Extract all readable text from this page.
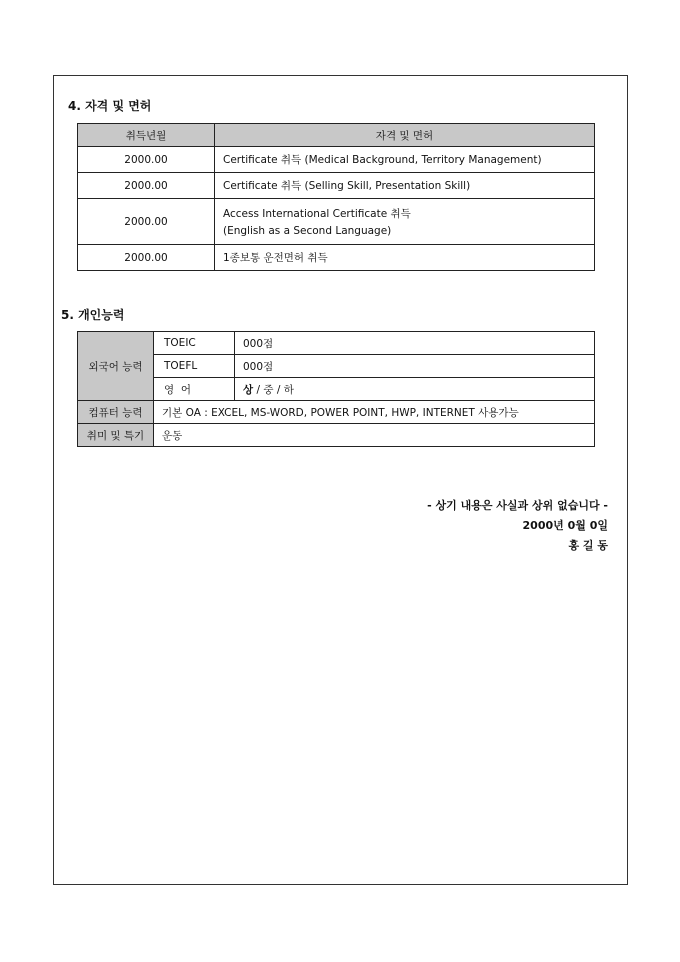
4. 자격 및 면허
취득년월	자격 및 면허
2000.00	Certificate 취득 (Medical Background, Territory Management)
2000.00	Certificate 취득 (Selling Skill, Presentation Skill)
2000.00	Access International Certificate 취득
(English as a Second Language)

2000.00	1종보통 운전면허 취득
5. 개인능력
외국어 능력	TOEIC	000점
	TOEFL	000점
	영  어	상 / 중 / 하
컴퓨터 능력	기본 OA : EXCEL, MS-WORD, POWER POINT, HWP, INTERNET 사용가능	
취미 및 특기	운동	
- 상기 내용은 사실과 상위 없습니다 -
2000년 0월 0일
홍 길 동
